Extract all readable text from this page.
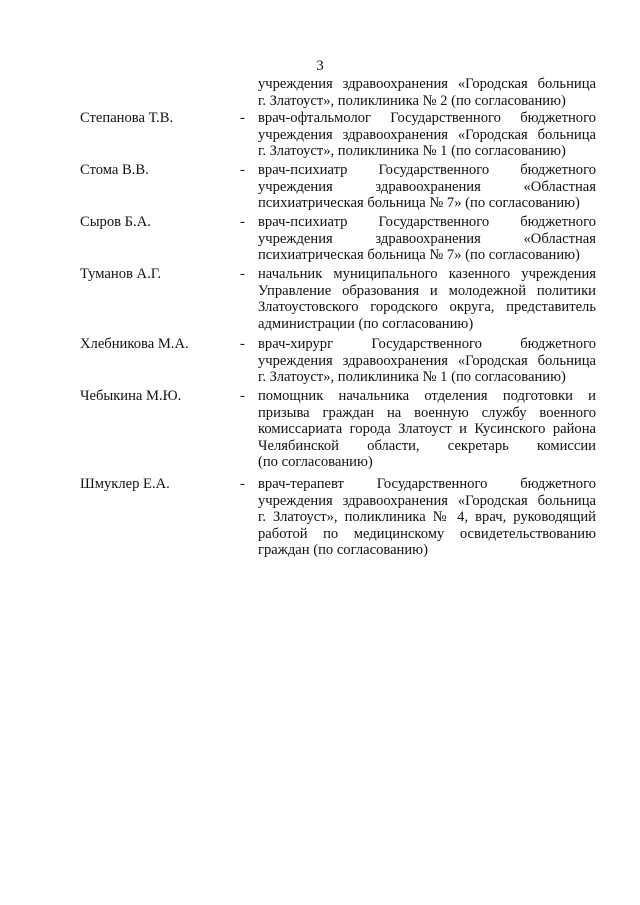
3
учреждения здравоохранения «Городская больница
г. Златоуст», поликлиника № 2 (по согласованию)
Степанова Т.В.	- врач-офтальмолог Государственного бюджетного
учреждения здравоохранения «Городская больница
г. Златоуст», поликлиника № 1 (по согласованию)
Стома В.В.	- врач-психиатр Государственного бюджетного
учреждения здравоохранения «Областная
психиатрическая больница № 7» (по согласованию)
Сыров Б.А.	- врач-психиатр Государственного бюджетного
учреждения здравоохранения «Областная
психиатрическая больница № 7» (по согласованию)
Туманов А.Г.	- начальник муниципального казенного учреждения
Управление образования и молодежной политики
Златоустовского городского округа, представитель
администрации (по согласованию)
Хлебникова М.А.	- врач-хирург Государственного бюджетного
учреждения здравоохранения «Городская больница
г. Златоуст», поликлиника № 1 (по согласованию)
Чебыкина М.Ю.	- помощник начальника отделения подготовки и
призыва граждан на военную службу военного
комиссариата города Златоуст и Кусинского района
Челябинской области, секретарь комиссии
(по согласованию)
Шмуклер Е.А.	- врач-терапевт Государственного бюджетного
учреждения здравоохранения «Городская больница
г. Златоуст», поликлиника № 4, врач, руководящий
работой по медицинскому освидетельствованию
граждан (по согласованию)
